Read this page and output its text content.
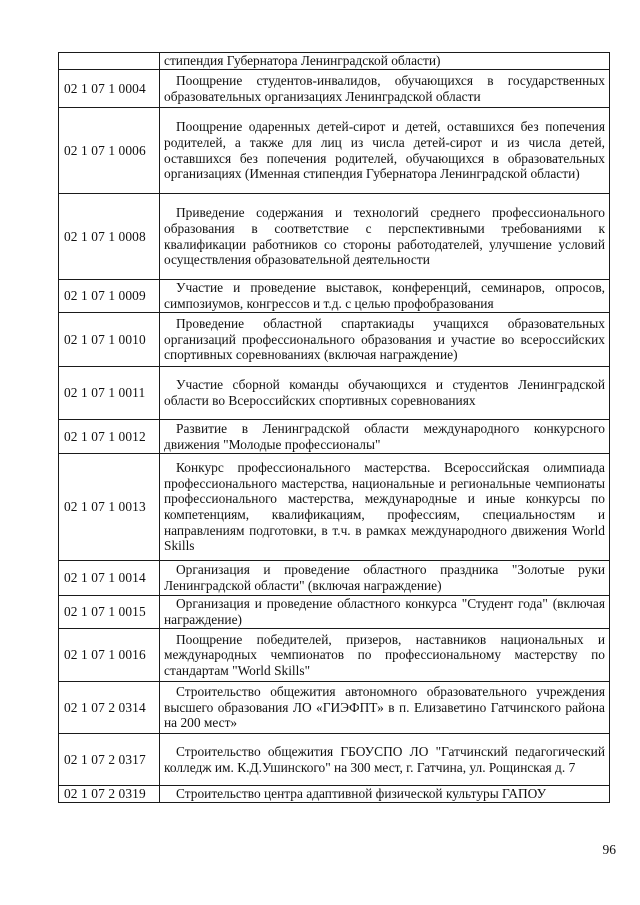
	стипендия Губернатора Ленинградской области)
02 1 07 1 0004	Поощрение студентов-инвалидов, обучающихся в государственных образовательных организациях Ленинградской области
02 1 07 1 0006	Поощрение одаренных детей-сирот и детей, оставшихся без попечения родителей, а также для лиц из числа детей-сирот и из числа детей, оставшихся без попечения родителей, обучающихся в образовательных организациях (Именная стипендия Губернатора Ленинградской области)
02 1 07 1 0008	Приведение содержания и технологий среднего профессионального образования в соответствие с перспективными требованиями к квалификации работников со стороны работодателей, улучшение условий осуществления образовательной деятельности
02 1 07 1 0009	Участие и проведение выставок, конференций, семинаров, опросов, симпозиумов, конгрессов и т.д. с целью профобразования
02 1 07 1 0010	Проведение областной спартакиады учащихся образовательных организаций профессионального образования и участие во всероссийских спортивных соревнованиях (включая награждение)
02 1 07 1 0011	Участие сборной команды обучающихся и студентов Ленинградской области во Всероссийских спортивных соревнованиях
02 1 07 1 0012	Развитие в Ленинградской области международного конкурсного движения "Молодые профессионалы"
02 1 07 1 0013	Конкурс профессионального мастерства. Всероссийская олимпиада профессионального мастерства, национальные и региональные чемпионаты профессионального мастерства, международные и иные конкурсы по компетенциям, квалификациям, профессиям, специальностям и направлениям подготовки, в т.ч. в рамках международного движения World Skills
02 1 07 1 0014	Организация и проведение областного праздника "Золотые руки Ленинградской области" (включая награждение)
02 1 07 1 0015	Организация и проведение областного конкурса "Студент года" (включая награждение)
02 1 07 1 0016	Поощрение победителей, призеров, наставников национальных и международных чемпионатов по профессиональному мастерству по стандартам "World Skills"
02 1 07 2 0314	Строительство общежития автономного образовательного учреждения высшего образования ЛО «ГИЭФПТ» в п. Елизаветино Гатчинского района на 200 мест»
02 1 07 2 0317	Строительство общежития ГБОУСПО ЛО "Гатчинский педагогический колледж им. К.Д.Ушинского" на 300 мест, г. Гатчина, ул. Рощинская д. 7
02 1 07 2 0319	Строительство центра адаптивной физической культуры ГАПОУ
96
